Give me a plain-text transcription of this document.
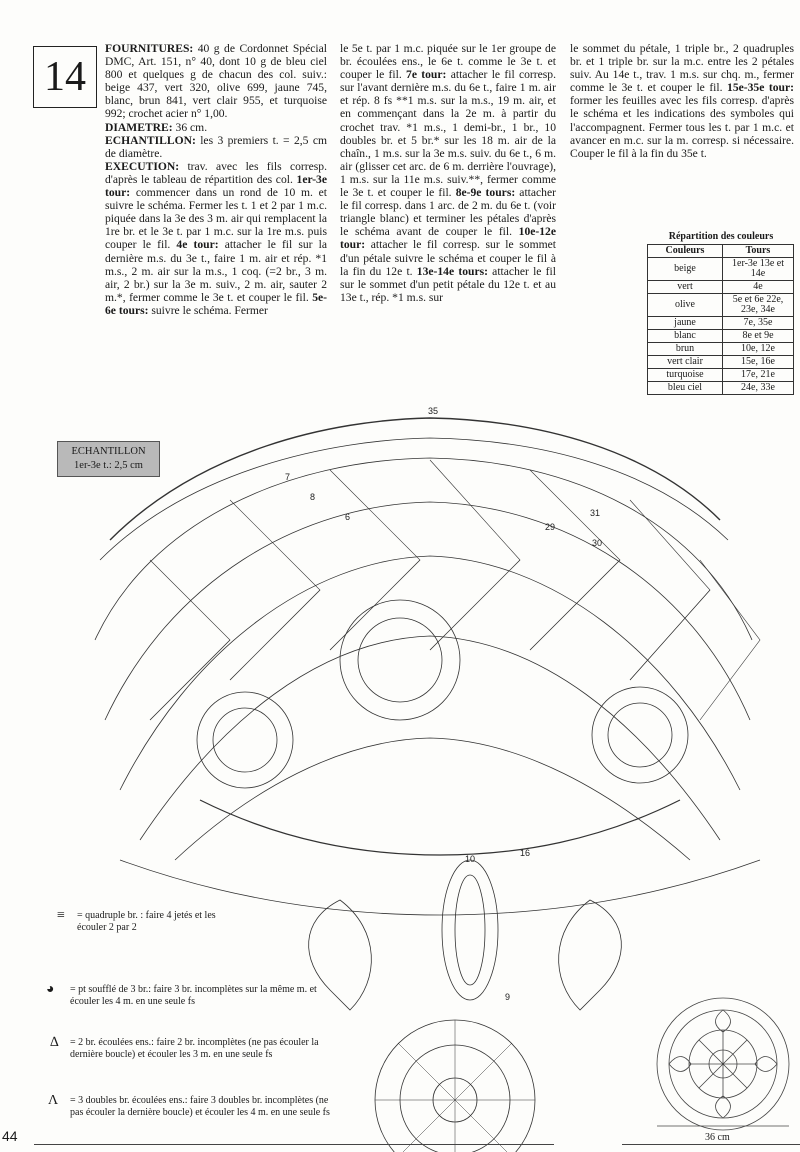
14

FOURNITURES: 40 g de Cordonnet Spécial DMC, Art. 151, n° 40, dont 10 g de bleu ciel 800 et quelques g de chacun des col. suiv.: beige 437, vert 320, olive 699, jaune 745, blanc, brun 841, vert clair 955, et turquoise 992; crochet acier n° 1,00.

DIAMETRE: 36 cm.

ECHANTILLON: les 3 premiers t. = 2,5 cm de diamètre.

EXECUTION: trav. avec les fils corresp. d'après le tableau de répartition des col. 1er-3e tour: commencer dans un rond de 10 m. et suivre le schéma. Fermer les t. 1 et 2 par 1 m.c. piquée dans la 3e des 3 m. air qui remplacent la 1re br. et le 3e t. par 1 m.c. sur la 1re m.s. puis couper le fil. 4e tour: attacher le fil sur la dernière m.s. du 3e t., faire 1 m. air et rép. *1 m.s., 2 m. air sur la m.s., 1 coq. (=2 br., 3 m. air, 2 br.) sur la 3e m. suiv., 2 m. air, sauter 2 m.*, fermer comme le 3e t. et couper le fil. 5e-6e tours: suivre le schéma. Fermer

le 5e t. par 1 m.c. piquée sur le 1er groupe de br. écoulées ens., le 6e t. comme le 3e t. et couper le fil. 7e tour: attacher le fil corresp. sur l'avant dernière m.s. du 6e t., faire 1 m. air et rép. 8 fs **1 m.s. sur la m.s., 19 m. air, et en commençant dans la 2e m. à partir du crochet trav. *1 m.s., 1 demi-br., 1 br., 10 doubles br. et 5 br.* sur les 18 m. air de la chaîn., 1 m.s. sur la 3e m.s. suiv. du 6e t., 6 m. air (glisser cet arc. de 6 m. derrière l'ouvrage), 1 m.s. sur la 11e m.s. suiv.**, fermer comme le 3e t. et couper le fil. 8e-9e tours: attacher le fil corresp. dans 1 arc. de 2 m. du 6e t. (voir triangle blanc) et terminer les pétales d'après le schéma avant de couper le fil. 10e-12e tour: attacher le fil corresp. sur le sommet d'un pétale suivre le schéma et couper le fil à la fin du 12e t. 13e-14e tours: attacher le fil sur le sommet d'un petit pétale du 12e t. et au 13e t., rép. *1 m.s. sur

le sommet du pétale, 1 triple br., 2 quadruples br. et 1 triple br. sur la m.c. entre les 2 pétales suiv. Au 14e t., trav. 1 m.s. sur chq. m., fermer comme le 3e t. et couper le fil. 15e-35e tour: former les feuilles avec les fils corresp. d'après le schéma et les indications des symboles qui l'accompagnent. Fermer tous les t. par 1 m.c. et avancer en m.c. sur la m. corresp. si nécessaire. Couper le fil à la fin du 35e t.

Répartition des couleurs
Couleurs	Tours
beige	1er-3e 13e et 14e
vert	4e
olive	5e et 6e 22e, 23e, 34e
jaune	7e, 35e
blanc	8e et 9e
brun	10e, 12e
vert clair	15e, 16e
turquoise	17e, 21e
bleu ciel	24e, 33e
35
31
30
29
16
10
9
8
7
6
ECHANTILLON
1er-3e t.: 2,5 cm
≡ = quadruple br. : faire 4 jetés et les écouler 2 par 2
◕ = pt soufflé de 3 br.: faire 3 br. incomplètes sur la même m. et écouler les 4 m. en une seule fs
∆ = 2 br. écoulées ens.: faire 2 br. incomplètes (ne pas écouler la dernière boucle) et écouler les 3 m. en une seule fs
Λ = 3 doubles br. écoulées ens.: faire 3 doubles br. incomplètes (ne pas écouler la dernière boucle) et écouler les 4 m. en une seule fs
36 cm
44
